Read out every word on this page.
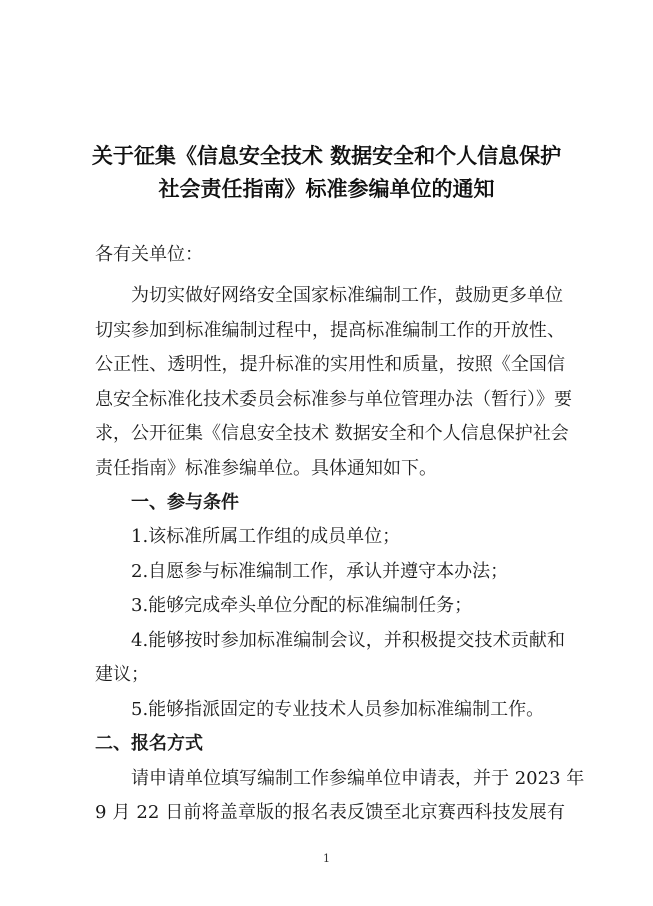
关于征集《信息安全技术 数据安全和个人信息保护
社会责任指南》标准参编单位的通知
各有关单位：
为切实做好网络安全国家标准编制工作，鼓励更多单位
切实参加到标准编制过程中，提高标准编制工作的开放性、
公正性、透明性，提升标准的实用性和质量，按照《全国信
息安全标准化技术委员会标准参与单位管理办法（暂行）》要
求，公开征集《信息安全技术 数据安全和个人信息保护社会
责任指南》标准参编单位。具体通知如下。
一、参与条件
1.该标准所属工作组的成员单位；
2.自愿参与标准编制工作，承认并遵守本办法；
3.能够完成牵头单位分配的标准编制任务；
4.能够按时参加标准编制会议，并积极提交技术贡献和
建议；
5.能够指派固定的专业技术人员参加标准编制工作。
二、报名方式
请申请单位填写编制工作参编单位申请表，并于 2023 年
9 月 22 日前将盖章版的报名表反馈至北京赛西科技发展有
1
